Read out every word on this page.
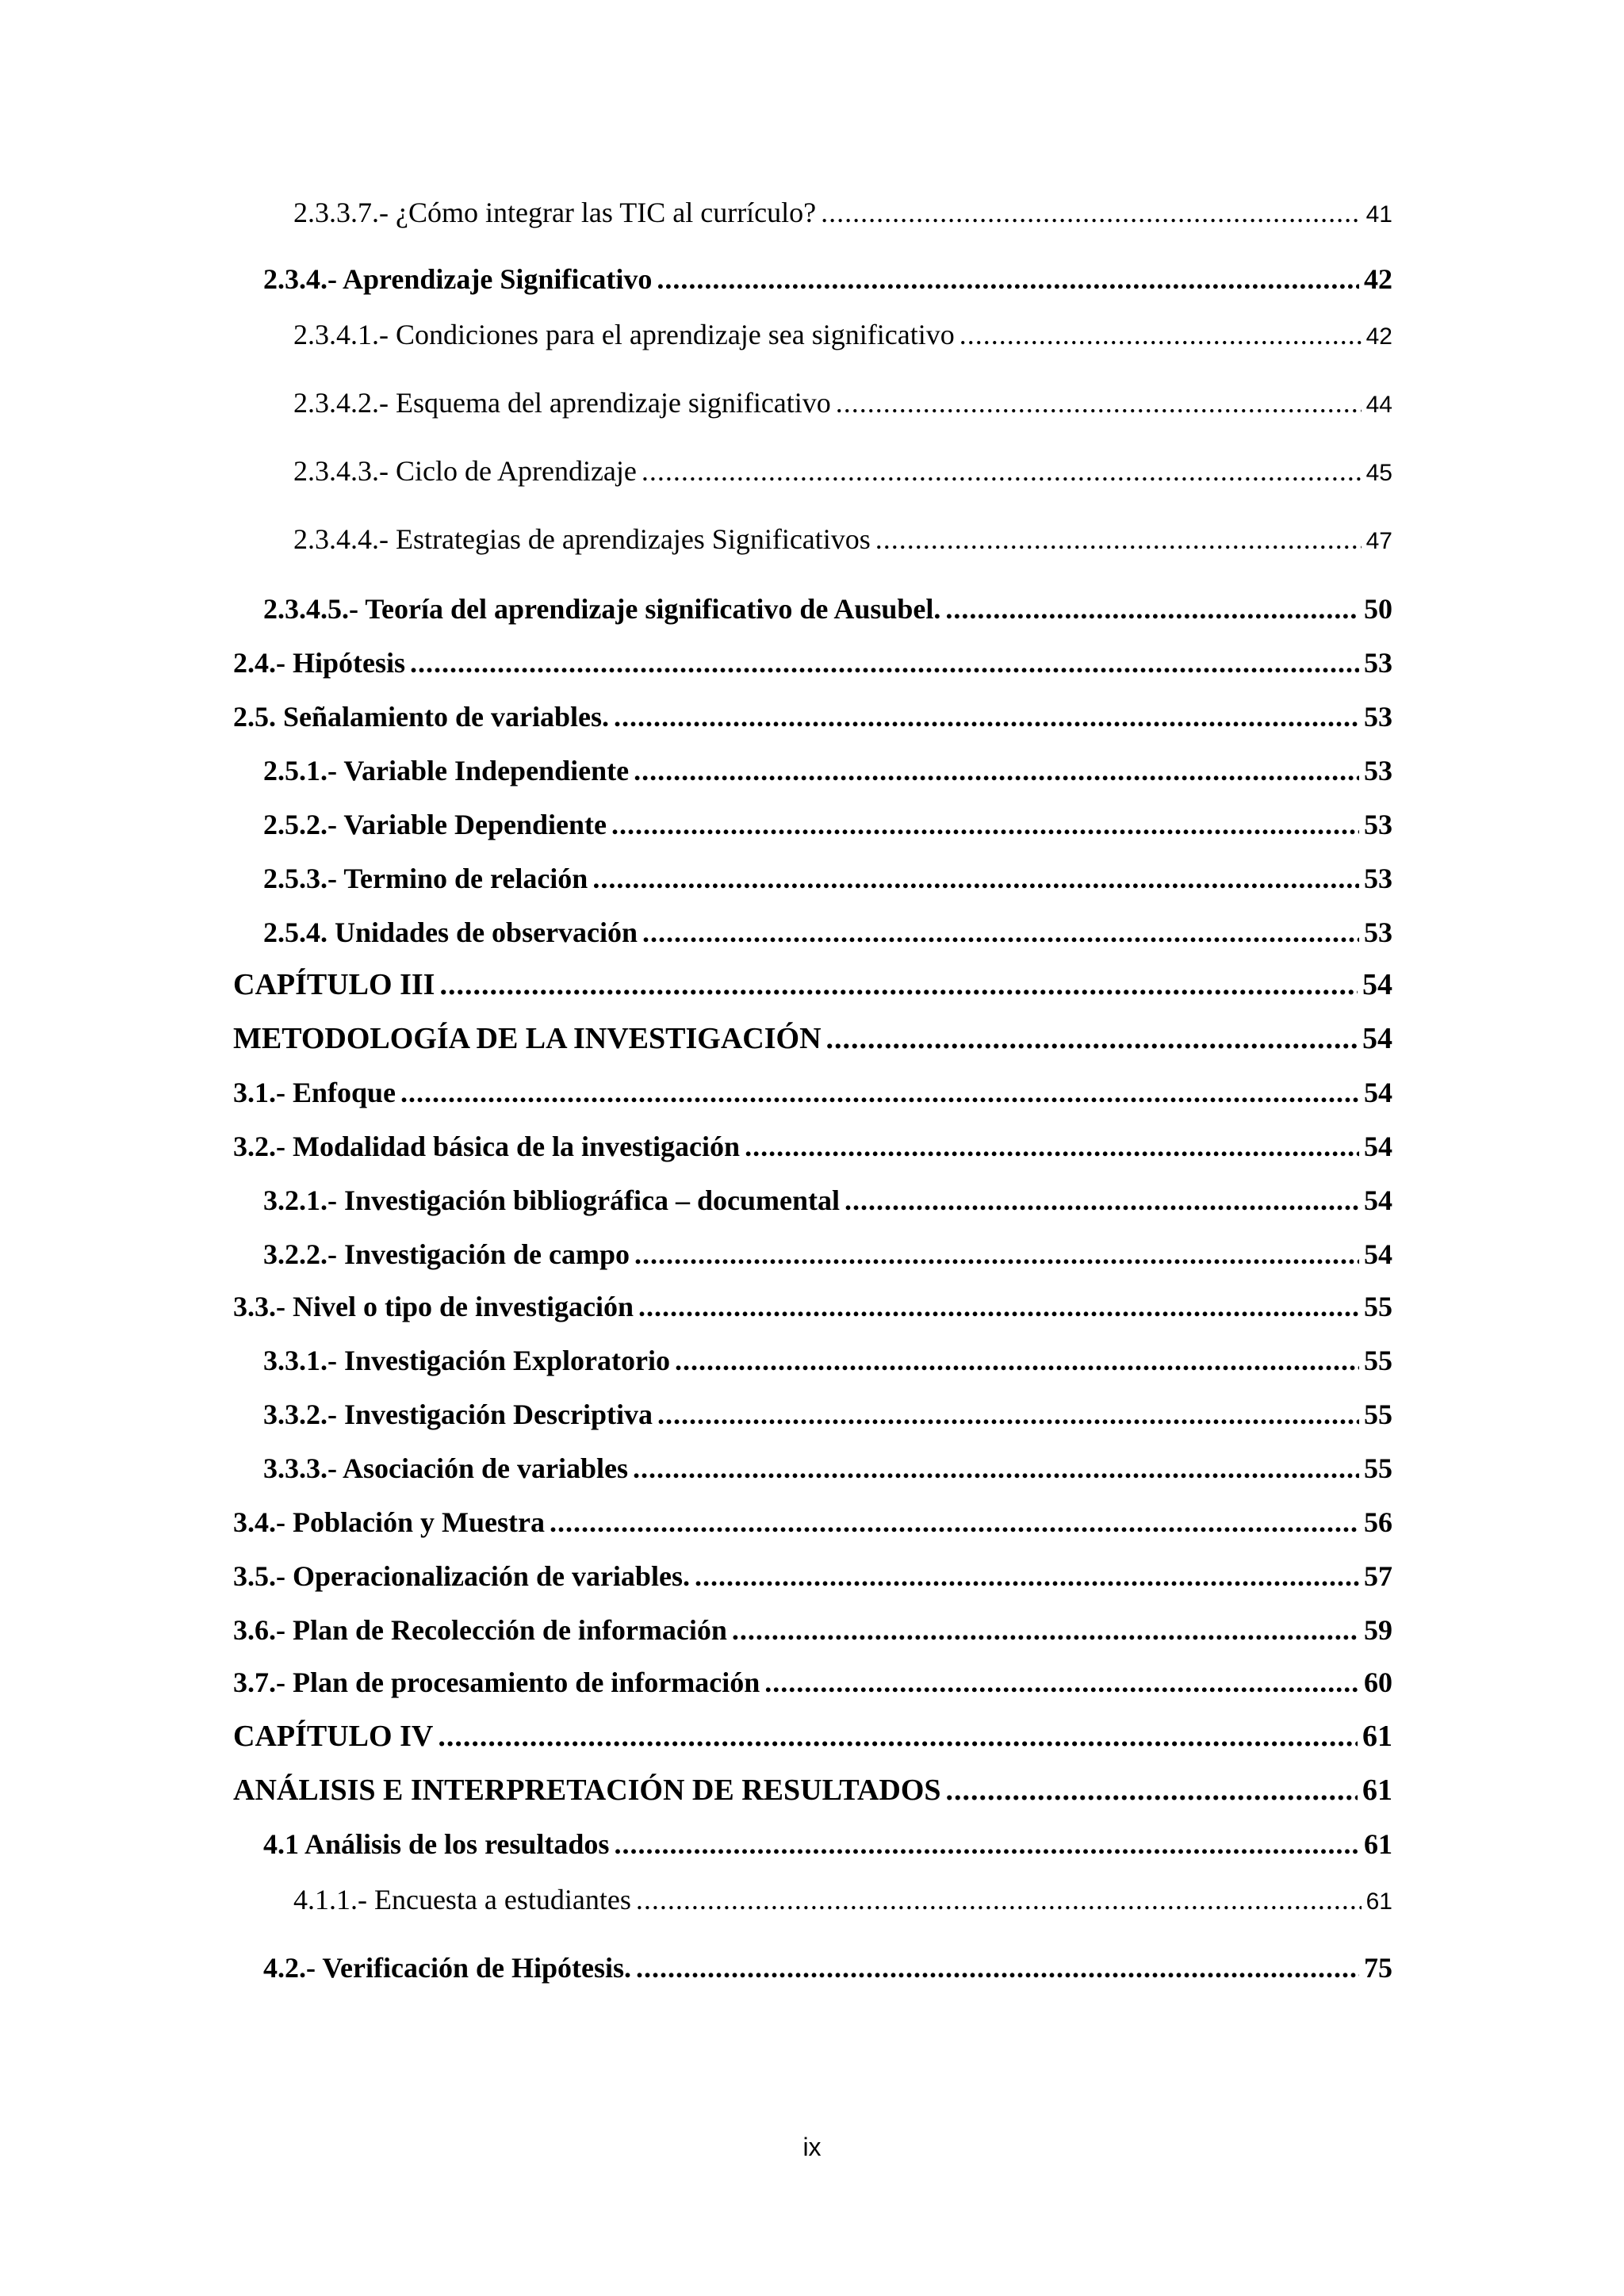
2.3.3.7.- ¿Cómo integrar las TIC al currículo? .....	41
2.3.4.- Aprendizaje Significativo .....	42
2.3.4.1.- Condiciones para el aprendizaje sea significativo .....	42
2.3.4.2.- Esquema del aprendizaje significativo .....	44
2.3.4.3.- Ciclo de Aprendizaje .....	45
2.3.4.4.- Estrategias de aprendizajes Significativos .....	47
2.3.4.5.- Teoría del aprendizaje significativo de Ausubel. .....	50
2.4.- Hipótesis .....	53
2.5. Señalamiento de variables. .....	53
2.5.1.- Variable Independiente .....	53
2.5.2.- Variable Dependiente .....	53
2.5.3.- Termino de relación .....	53
2.5.4. Unidades de observación .....	53
CAPÍTULO III .....	54
METODOLOGÍA DE LA INVESTIGACIÓN .....	54
3.1.- Enfoque .....	54
3.2.- Modalidad básica de la investigación .....	54
3.2.1.- Investigación bibliográfica – documental .....	54
3.2.2.- Investigación de campo .....	54
3.3.- Nivel o tipo de investigación .....	55
3.3.1.- Investigación Exploratorio .....	55
3.3.2.- Investigación Descriptiva .....	55
3.3.3.- Asociación de variables .....	55
3.4.- Población y Muestra .....	56
3.5.- Operacionalización de variables. .....	57
3.6.- Plan de Recolección de información .....	59
3.7.- Plan de procesamiento de información .....	60
CAPÍTULO IV .....	61
ANÁLISIS E INTERPRETACIÓN DE RESULTADOS .....	61
4.1 Análisis de los resultados .....	61
4.1.1.- Encuesta a estudiantes .....	61
4.2.- Verificación de Hipótesis. .....	75
ix
